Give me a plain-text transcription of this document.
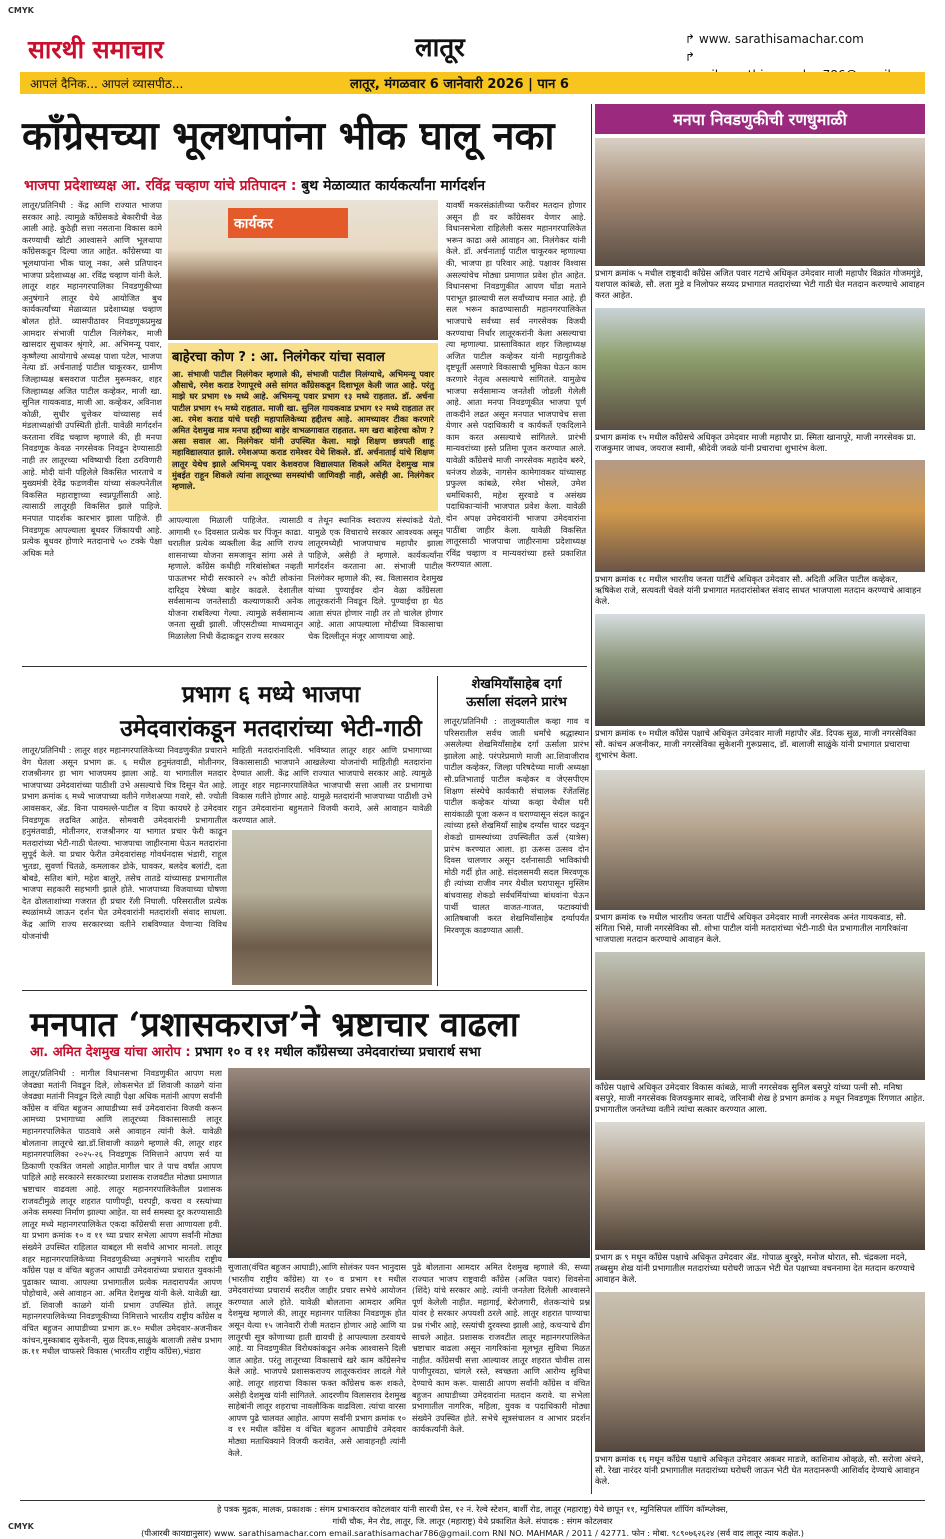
CMYK
सारथी समाचार	लातूर	↱ www. sarathisamachar.com
↱
आपलं दैनिक... आपलं व्यासपीठ...	लातूर, मंगळवार 6 जानेवारी 2026 | पान 6
काँग्रेसच्या भूलथापांना भीक घालू नका
भाजपा प्रदेशाध्यक्ष आ. रविंद्र चव्हाण यांचे प्रतिपादन : बुथ मेळाव्यात कार्यकर्त्यांना मार्गदर्शन
लातूर/प्रतिनिधी : केंद्र आणि राज्यात भाजपा सरकार आहे. त्यामुळे काँग्रेसकडे बेकारीची वेळ आली आहे. कुठेही सत्ता नसताना विकास कामे करण्याची खोटी आश्वासने आणि भूलथापा काँग्रेसकडून दिल्या जात आहेत. काँग्रेसच्या या भूलथापांना भीक घालू नका, असे प्रतिपादन भाजपा प्रदेशाध्यक्ष आ. रविंद्र चव्हाण यांनी केले. लातूर शहर महानगरपालिका निवडणुकीच्या अनुषंगाने लातूर येथे आयोजित बुथ कार्यकर्त्यांच्या मेळाव्यात प्रदेशाध्यक्ष चव्हाण बोलत होते. व्यासपीठावर निवडणूकप्रमुख आमदार संभाजी पाटील निलंगेकर, माजी खासदार सुधाकर श्रृंगारे, आ. अभिमन्यू पवार, कृष्णैल्या आयोगाचे अध्यक्ष पाशा पटेल, भाजपा नेत्या डॉ. अर्चनाताई पाटील चाकूरकर, ग्रामीण जिल्हाध्यक्ष बसवराज पाटील मुरूमकर, शहर जिल्हाध्यक्ष अजित पाटील कव्हेकर, माजी खा. सुनिल गायकवाड, माजी आ. कव्हेकर, अविनाश कोळी, सुधीर धुत्तेकर यांच्यासह सर्व मंडलाध्यक्षांची उपस्थिती होती. यावेळी मार्गदर्शन करताना रविंद्र चव्हाण म्हणाले की, ही मनपा निवडणूक केवळ नगरसेवक निवडून देण्यासाठी नाही तर लातूरच्या भविष्याची दिशा ठरविणारी आहे. मोदी यांनी पहिलेले विकसित भारताचे व मुख्यमंत्री देवेंद्र फडणवीस यांच्या संकल्पनेतील विकसित महाराष्ट्राच्या स्वप्नपूर्तीसाठी आहे. त्यासाठी लातूरही विकसित झाले पाहिजे. मनपात पादर्शक कारभार झाला पाहिजे. ही निवडणूक आपल्याला बूथवर जिंकायची आहे. प्रत्येक बूथवर होणारे मतदानाचे ५० टक्के पेक्षा अधिक मते
कार्यकर
बाहेरचा कोण ? : आ. निलंगेकर यांचा सवाल
आ. संभाजी पाटील निलंगेकर म्हणाले की, संभाजी पाटील निलंग्याचे, अभिमन्यू पवार औसाचे, रमेश कराड रेणापूरचे असे सांगत काँग्रेसकडून दिशाभूल केली जात आहे. परंतु माझे घर प्रभाग १७ मध्ये आहे. अभिमन्यू पवार प्रभाग १३ मध्ये राहतात. डॉ. अर्चना पाटील प्रभाग १५ मध्ये राहतात. माजी खा. सुनिल गायकवाड प्रभाग १२ मध्ये राहतात तर आ. रमेश कराड यांचे घरही महापालिकेच्या हद्दीतच आहे. आमच्यावर टीका करणारे अमित देशमुख मात्र मनपा हद्दीच्या बाहेर वाभळगावात राहतात. मग खरा बाहेरचा कोण ? असा सवाल आ. निलंगेकर यांनी उपस्थित केला. माझे शिक्षण छत्रपती शाहू महाविद्यालयात झाले. रमेशअप्पा कराड रामेश्वर येथे शिकले. डॉ. अर्चनाताई यांचे शिक्षण लातूर येथेच झाले अभिमन्यू पवार केशवराज विद्यालयात शिकले अमित देशमुख मात्र मुंबईत राहून शिकले त्यांना लातूरच्या समस्यांची जाणिवही नाही, असेही आ. निलंगेकर म्हणाले.
आपल्याला मिळाली पाहिजेत. त्यासाठी आगामी १० दिवसात प्रत्येक घर पिंजून काढा. घरातील प्रत्येक व्यक्तीला केंद्र आणि राज्य शासनाच्या योजना समजावून सांगा असे ते म्हणाले. काँग्रेस कधीही गरिबांसोबत नव्हती पाऊलभर मोदी सरकारने २५ कोटी लोकांना दारिद्र्य रेषेच्या बाहेर काढले. देशातील सर्वसामान्य जनतेसाठी कल्याणकारी अनेक योजना राबविल्या गेल्या. त्यामुळे सर्वसामान्य जनता सुखी झाली. जीएसटीच्या माध्यमातून मिळालेला निधी केंद्राकडून राज्य सरकार
व तेथून स्थानिक स्वराज्य संस्थांकडे येतो. यामुळे एक विचाराचे सरकार आवश्यक असून लातूरमध्येही भाजपाचाच महापौर झाला पाहिजे, असेही ते म्हणाले. कार्यकर्त्यांना मार्गदर्शन करताना आ. संभाजी पाटील निलंगेकर म्हणाले की, स्व. विलासराव देशमुख यांच्या पुण्याईवर दोन वेळा काँग्रेसला लातूरकरांनी निवडून दिले. पुण्याईचा हा घेठ आता संपत होणार नाही तर तो चालेल होणार आहे. आता आपल्याला मोदींच्या विकासाचा चेक दिल्लीतून मंजूर आणायचा आहे.
यावर्षी मकरसंक्रांतीच्या फरीवर मतदान होणार असून ही वर काँग्रेसवर येणार आहे. विधानसभेला राहिलेली कसर महानगरपालिकेत भरून काढा असे आवाहन आ. निलंगेकर यांनी केले. डॉ. अर्चनाताई पाटील चाकूरकर म्हणाल्या की, भाजपा हा परिवार आहे. पक्षावर विश्वास असल्यांचेच मोठ्या प्रमाणात प्रवेश होत आहेत. विधानसभा निवडणुकीत आपण घोंडा मताने पराभूत झाल्याची सल सर्वांच्याच मनात आहे. ही सल भरून काढण्यासाठी महानगरपालिकेत भाजपाचे सर्वच्या सर्व नगरसेवक विजयी करण्याचा निर्धार लातूरकरांनी केला असल्याचा त्या म्हणाल्या. प्रास्ताविकात शहर जिल्हाध्यक्ष अजित पाटील कव्हेकर यांनी महायुतीकडे दृष्टपूर्ती असणारे विकासाची भूमिका घेऊन काम करणारे नेतृत्व असल्याचे सांगितले. यामुळेच भाजपा सर्वसामान्य जनतेशी जोडली गेलेली आहे. आता मनपा निवडणूकीत भाजपा पूर्ण ताकदीने लढत असून मनपात भाजपाचेच सत्ता येणार असे पदाधिकारी व कार्यकर्ते एकदिलाने काम करत असल्याचे सांगितले. प्रारंभी मान्यवरांच्या हस्ते प्रतिमा पूजन करण्यात आले. यावेळी काँग्रेसचे माजी नगरसेवक महादेव बरुरे, धनंजय शेळके, नागसेन कामेगावकर यांच्यासह प्रफुल्ल कांबळे, रमेश भोसले, उमेश धर्माधिकारी, महेश सुरवाडे व असंख्य पदाधिकाऱ्यांनी भाजपात प्रवेश केला. यावेळी दोन अपक्ष उमेदवारांनी भाजपा उमेदवारांना पाठींबा जाहीर केला. यावेळी विकसित लातूरसाठी भाजपाचा जाहीरनामा प्रदेशाध्यक्ष रविंद्र चव्हाण व मान्यवरांच्या हस्ते प्रकाशित करण्यात आला.
प्रभाग ६ मध्ये भाजपा
उमेदवारांकडून मतदारांच्या भेटी-गाठी
लातूर/प्रतिनिधी : लातूर शहर महानगरपालिकेच्या निवडणुकीत प्रचाराने वेग घेतला असून प्रभाग क्र. ६ मधील हनुमंतवाडी, मोतीनगर, राजश्रीनगर हा भाग भाजपमय झाला आहे. या भागातील मतदार भाजपाच्या उमेदवारांच्या पाठीशी उभे असल्याचे चित्र दिसून येत आहे. प्रभाग क्रमांक ६ मध्ये भाजपाच्या वतीने गणेशअप्पा गवारे, सौ. ज्योती आवसकर, ॲड. विना पायमल्ले-पाटील व दिपा कायघरे हे उमेदवार निवडणूक लढवित आहेत. सोमवारी उमेदवारांनी प्रभागातील हनुमंतवाडी, मोतीनगर, राजश्रीनगर या भागात प्रचार फेरी काढून मतदारांच्या भेटी-गाठी घेतल्या. भाजपाचा जाहीरनामा घेऊन मतदारांना सुपूर्द केले. या प्रचार फेरीत उमेदवारांसह गोवर्धनदास भंडारी, राहूल भुतडा, सुवर्णा चितळे, कमलाकर डोके, घावकर, बलदेव बलांटी, दता बोबडे, सतिश बांगे, महेश बालुरे, तसेच तातडे यांच्यासह प्रभागातील भाजपा सहकारी सहभागी झाले होते. भाजपाच्या विजयाच्या घोषणा देत ढोलताशांच्या गजरात ही प्रचार रॅली निघाली. परिसरातील प्रत्येक स्थळांमध्ये जाऊन दर्शन घेत उमेदवारांनी मतदारांशी संवाद साधला. केंद्र आणि राज्य सरकारच्या वतीने राबविण्यात येणाऱ्या विविध योजनांची
माहिती मतदारांनादिली. भविष्यात लातूर शहर आणि प्रभागाच्या विकासासाठी भाजपाने आखलेल्या योजनांची माहितीही मतदारांना देण्यात आली. केंद्र आणि राज्यात भाजपाचे सरकार आहे. त्यामुळे लातूर शहर महानगरपालिकेत भाजपाची सत्ता आली तर प्रभागाचा विकास गतीने होणार आहे. यामुळे मतदारांनी भाजपाच्या पाठीशी उभे राहुन उमेदवारांना बहुमताने विजयी करावे, असे आवाहन यावेळी करण्यात आले.
शेखमियाँसाहेब दर्गा
ऊर्साला संदलने प्रारंभ
लातूर/प्रतिनिधी : तालुक्यातील कव्हा गाव व परिसरातील सर्वच जाती धर्मांचे श्रद्धास्थान असलेल्या शेखमियाँसाहेब दर्गा ऊर्साला प्रारंभ झालेला आहे. परंपरेप्रमाणे माजी आ.शिवाजीराव पाटील कव्हेकर, जिल्हा परिषदेच्या माजी अध्यक्षा सौ.प्रतिभाताई पाटील कव्हेकर व जेएसपीएम शिक्षण संस्थेचे कार्यकारी संचालक रॅजेंतसिंह पाटील कव्हेकर यांच्या कव्हा येथील घरी सायंकाळी पूजा करून व घराण्यासून संदल काढून त्यांच्या हस्ते शेखमियाँ साहेब दर्ग्यांस चादर चढवून शेकडो ग्रामस्थांच्या उपस्थितीत ऊर्स (यात्रेस) प्रारंभ करण्यात आला. हा ऊरूस उत्सव दोन दिवस चालणार असून दर्शनासाठी भाविकांची मोठी गर्दी होत आहे. संदलसमयी सदल मिरवणूक ही त्यांच्या राजीव नगर येथील घरापासून मुस्लिम बांधवासह शेकडो सर्वधर्मियांच्या बांधवांना घेऊन पार्थी चालत वाजत-गाजत, फटाक्यांची आतिषबाजी करत शेखमियाँसाहेब दर्ग्यापर्यंत मिरवणूक काढण्यात आली.
मनपात ‘प्रशासकराज’ने भ्रष्टाचार वाढला
आ. अमित देशमुख यांचा आरोप : प्रभाग १० व ११ मधील काँग्रेसच्या उमेदवारांच्या प्रचारार्थ सभा
लातूर/प्रतिनिधी : मागील विधानसभा निवडणुकीत आपण मला जेवढ्या मतांनी निवडून दिले, लोकसभेत डॉ शिवाजी काळगे यांना जेवढ्या मतांनी निवडून दिले त्याही पेक्षा अधिक मतांनी आपण सर्वांनी काँग्रेस व वंचित बहुजन आघाडीच्या सर्व उमेदवारांना विजयी करून आमच्या प्रभागाच्या आणि लातूरच्या विकासासाठी लातूर महानगरपालिकेत पाठवावे असे आवाहन त्यांनी केले. यावेळी बोलताना लातूरचे खा.डॉ.शिवाजी काळगे म्हणाले की, लातूर शहर महानगरपालिका २०२५-२६ निवडणूक निमित्ताने आपण सर्व या ठिकाणी एकत्रित जमलो आहोत.मागील चार ते पाच वर्षांत आपण पाहिले आहे सरकारने सरकारच्या प्रशासक राजवटीत मोठ्या प्रमाणात भ्रष्टाचार वाढवला आहे. लातूर महानगरपालिकेतील प्रशासक राजवटीमुळे लातूर शहरात पाणीपट्टी, घरपट्टी, कचरा व रस्त्यांच्या अनेक समस्या निर्माण झाल्या आहेत. या सर्व समस्या दूर करण्यासाठी लातूर मध्ये महानगरपालिकेत एकदा काँग्रेसची सत्ता आणायला हवी. या प्रभाग क्रमांक १० व ११ च्या प्रचार सभेला आपण सर्वांनी मोठ्या संख्येने उपस्थित राहिलात याबद्दल मी सर्वांचे आभार मानतो. लातूर शहर महानगरपालिकेच्या निवडणुकीच्या अनुषंगाने भारतीय राष्ट्रीय काँग्रेस पक्ष व वंचित बहुजन आघाडी उमेदवारांच्या प्रचारात युवकांनी पुढाकार घ्यावा. आपल्या प्रभागातील प्रत्येक मतदारापर्यंत आपण पोहोचावे, असे आवाहन आ. अमित देशमुख यांनी केले. यावेळी खा. डॉ. शिवाजी काळगे यांनी प्रभाग उपस्थित होते. लातूर महानगरपालिकेच्या निवडणूकीच्या निमित्ताने भारतीय राष्ट्रीय काँग्रेस व वंचित बहुजन आघाडीच्या प्रभाग क्र.१० मधील उमेदवार-अजनीकर कांचन,मुस्काबाद सुकेशनी, सुळ दिपक,साळुंके बालाजी तसेच प्रभाग क्र.११ मधील चाफसरे विकास (भारतीय राष्ट्रीय काँग्रेस),भंडारा
सुजाता(वंचित बहुजन आघाडी),आणि सोलंकर पवन भानुदास (भारतीय राष्ट्रीय काँग्रेस) या १० व प्रभाग ११ मधील उमेदवारांच्या प्रचारार्थ सदरील जाहीर प्रचार सभेचे आयोजन करण्यात आले होते. यावेळी बोलताना आमदार अमित देशमुख म्हणाले की, लातूर महानगर पालिका निवडणूक होत असून येत्या १५ जानेवारी रोजी मतदान होणार आहे आणि या लातूरची सूत्र कोणाच्या हाती द्यायची हे आपल्याला ठरवायचे आहे. या निवडणुकीत विरोधकांकडून अनेक आश्वासने दिली जात आहेत. परंतु लातूरच्या विकासाचे खरे काम काँग्रेसनेच केले आहे. भाजपचे प्रशासकराज्य लातूरकरांवर लादले गेले आहे. लातूर शहराचा विकास फक्त काँग्रेसच करू शकते, असेही देशमुख यांनी सांगितले. आदरणीय विलासराव देशमुख साहेबांनी लातूर शहराचा नावलौकिक वाढविला. त्यांचा वारसा आपण पुढे चालवत आहोत. आपण सर्वांनी प्रभाग क्रमांक १० व ११ मधील काँग्रेस व वंचित बहुजन आघाडीचे उमेदवार मोठ्या मताधिक्याने विजयी करावेत, असे आवाहनही त्यांनी केले.
पुढे बोलताना आमदार अमित देशमुख म्हणाले की, सध्या राज्यात भाजप राष्ट्रवादी काँग्रेस (अजित पवार) शिवसेना (शिंदे) यांचे सरकार आहे. त्यांनी जनतेला दिलेली आश्वासने पूर्ण केलेली नाहीत. महागाई, बेरोजगारी, शेतकऱ्यांचे प्रश्न यांवर हे सरकार अपयशी ठरले आहे. लातूर शहरात पाण्याचा प्रश्न गंभीर आहे, रस्त्यांची दुरवस्था झाली आहे, कचऱ्याचे ढीग साचले आहेत. प्रशासक राजवटीत लातूर महानगरपालिकेत भ्रष्टाचार वाढला असून नागरिकांना मूलभूत सुविधा मिळत नाहीत. काँग्रेसची सत्ता आल्यावर लातूर शहरात चोवीस तास पाणीपुरवठा, चांगले रस्ते, स्वच्छता आणि आरोग्य सुविधा देण्याचे काम करू. यासाठी आपण सर्वांनी काँग्रेस व वंचित बहुजन आघाडीच्या उमेदवारांना मतदान करावे. या सभेला प्रभागातील नागरिक, महिला, युवक व पदाधिकारी मोठ्या संख्येने उपस्थित होते. सभेचे सूत्रसंचालन व आभार प्रदर्शन कार्यकर्त्यांनी केले.
मनपा निवडणुकीची रणधुमाळी
प्रभाग क्रमांक ५ मधील राष्ट्रवादी काँग्रेस अजित पवार गटाचे अधिकृत उमेदवार माजी महापौर विक्रांत गोजमगुंडे, यशपाल कांबळे, सौ. लता मुडे व निलोफर सय्यद प्रभागात मतदारांच्या भेटी गाठी घेत मतदान करण्याचे आवाहन करत आहेत.
प्रभाग क्रमांक १५ मधील काँग्रेसचे अधिकृत उमेदवार माजी महापौर प्रा. स्मिता खानापूरे, माजी नगरसेवक प्रा. राजकुमार जाधव, जयराज स्वामी, श्रीदेवी जवळे यांनी प्रचाराचा शुभारंभ केला.
प्रभाग क्रमांक १८ मधील भारतीय जनता पार्टीचे अधिकृत उमेदवार सौ. अदिती अजित पाटील कव्हेकर, ऋषिकेश राजे, सत्यवती चेवले यांनी प्रभागात मतदारांसोबत संवाद साधत भाजपाला मतदान करण्याचे आवाहन केले.
प्रभाग क्रमांक १० मधील काँग्रेस पक्षाचे अधिकृत उमेदवार माजी महापौर ॲड. दिपक सुळ, माजी नगरसेविका सौ. कांचन अजनीकर, माजी नगरसेविका सुकेशनी गुरूप्रसाद, डॉ. बालाजी साळुंके यांनी प्रभागात प्रचाराचा शुभारंभ केला.
प्रभाग क्रमांक १७ मधील भारतीय जनता पार्टीचे अधिकृत उमेदवार माजी नगरसेवक अनंत गायकवाड, सौ. संगिता भिसे, माजी नगरसेविका सौ. शोभा पाटील यांनी मतदारांच्या भेटी-गाठी घेत प्रभागातील नागरिकांना भाजपाला मतदान करण्याचे आवाहन केले.
काँग्रेस पक्षाचे अधिकृत उमेदवार विकास कांबळे, माजी नगरसेवक सुनिल बसपुरे यांच्या पत्नी सौ. मनिषा बसपुरे, माजी नगरसेवक विजयकुमार साबदे, जरिनाबी शेख हे प्रभाग क्रमांक ३ मधून निवडणूक रिंगणात आहेत. प्रभागातील जनतेच्या वतीने त्यांचा सत्कार करण्यात आला.
प्रभाग क्र ९ मधून काँग्रेस पक्षाचे अधिकृत उमेदवार ॲड. गोपाळ बुरबुरे, मनोज थोरात, सौ. चंद्रकला मदने, तब्बसुम शेख यांनी प्रभागातील मतदारांच्या घरोघरी जाऊन भेटी घेत पक्षाच्या वचननामा देत मतदान करण्याचे आवाहन केले.
प्रभाग क्रमांक १६ मधून काँग्रेस पक्षाचे अधिकृत उमेदवार अकबर माडजे, काशिनाथ ओव्हळे, सौ. सरोजा अंचने, सौ. रेखा नारंदर यांनी प्रभागातील मतदारांच्या घरोघरी जाऊन भेटी घेत मतदानरूपी आशिर्वाद देण्याचे आवाहन केले.
हे पत्रक मुद्रक, मालक, प्रकाशक : संगम प्रभाकरराव कोटलवार यांनी सारथी प्रेस, १२ नं. रेल्वे स्टेशन, बार्शी रोड, लातूर (महाराष्ट्र) येथे छापून ११, म्युनिसिपल शॉपिंग कॉम्प्लेक्स,
गांधी चौक, मेन रोड, लातूर, जि. लातूर (महाराष्ट्र) येथे प्रकाशित केले. संपादक : संगम कोटलवार
(पीआरबी कायद्यानुसार) www. sarathisamachar.com email.sarathisamachar786@gmail.com RNI NO. MAHMAR / 2011 / 42771. फोन : मोबा. ९८९०७६२६२४ (सर्व वाद लातूर न्याय कक्षेत.)
CMYK
